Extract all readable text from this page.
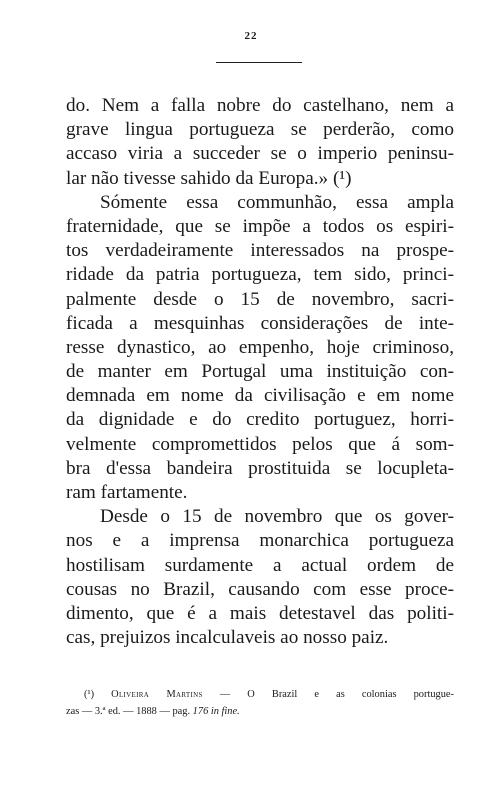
22
do. Nem a falla nobre do castelhano, nem a
grave lingua portugueza se perderão, como
accaso viria a succeder se o imperio peninsu-
lar não tivesse sahido da Europa.» (¹)
Sómente essa communhão, essa ampla
fraternidade, que se impõe a todos os espiri-
tos verdadeiramente interessados na prospe-
ridade da patria portugueza, tem sido, princi-
palmente desde o 15 de novembro, sacri-
ficada a mesquinhas considerações de inte-
resse dynastico, ao empenho, hoje criminoso,
de manter em Portugal uma instituição con-
demnada em nome da civilisação e em nome
da dignidade e do credito portuguez, horri-
velmente compromettidos pelos que á som-
bra d'essa bandeira prostituida se locupleta-
ram fartamente.
Desde o 15 de novembro que os gover-
nos e a imprensa monarchica portugueza
hostilisam surdamente a actual ordem de
cousas no Brazil, causando com esse proce-
dimento, que é a mais detestavel das politi-
cas, prejuizos incalculaveis ao nosso paiz.
(¹) Oliveira Martins — O Brazil e as colonias portugue-
zas — 3.ª ed. — 1888 — pag. 176 in fine.
